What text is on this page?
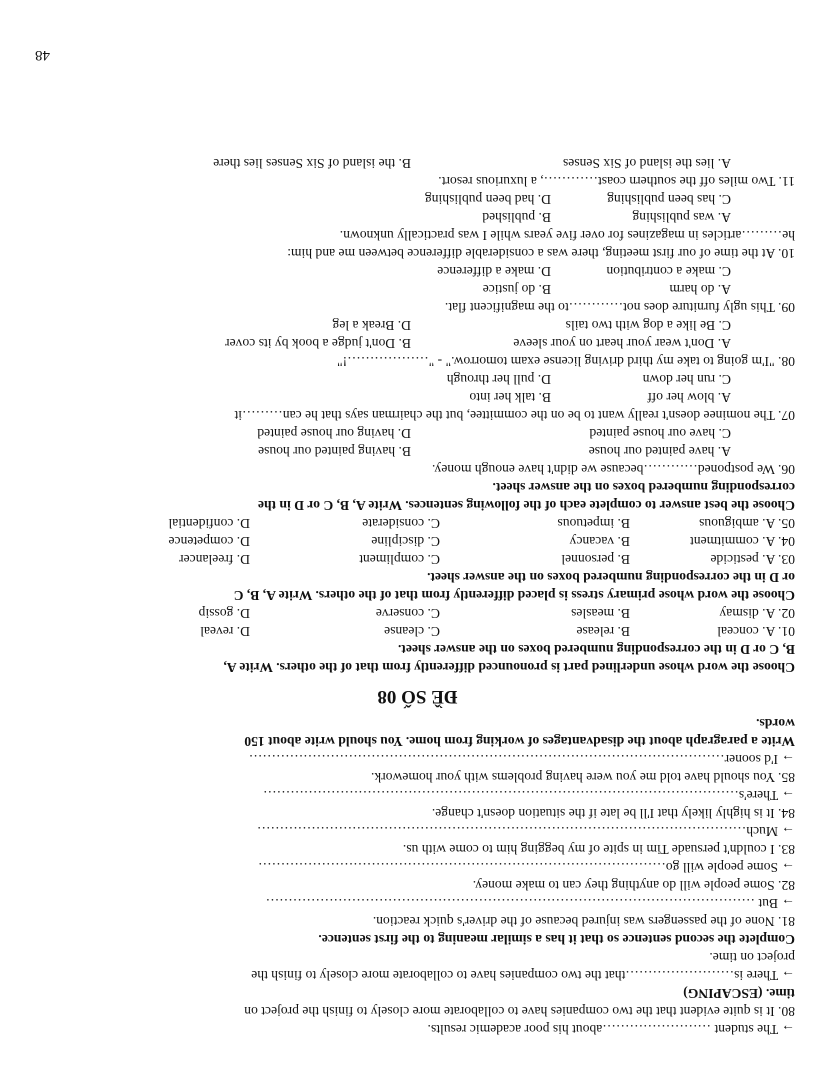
→ The student ……………………about his poor academic results.
80. It is quite evident that the two companies have to collaborate more closely to finish the project on
time. (ESCAPING)
→ There is……………………that the two companies have to collaborate more closely to finish the
project on time.
Complete the second sentence so that it has a similar meaning to the first sentence.
81. None of the passengers was injured because of the driver's quick reaction.
→ But ………………………………………………………………………………………………
82. Some people will do anything they can to make money.
→ Some people will go………………………………………………………………………………
83. I couldn't persuade Tim in spite of my begging him to come with us.
→ Much………………………………………………………………………………………………
84. It is highly likely that I'll be late if the situation doesn't change.
→ There's……………………………………………………………………………………………
85. You should have told me you were having problems with your homework.
→ I'd sooner……………………………………………………………………………………………
Write a paragraph about the disadvantages of working from home. You should write about 150
words.
ĐỀ SỐ 08
Choose the word whose underlined part is pronounced differently from that of the others. Write A,
B, C or D in the corresponding numbered boxes on the answer sheet.
01. A. conceal
B. release
C. cleanse
D. reveal
02. A. dismay
B. measles
C. conserve
D. gossip
Choose the word whose primary stress is placed differently from that of the others. Write A, B, C
or D in the corresponding numbered boxes on the answer sheet.
03. A. pesticide
B. personnel
C. compliment
D. freelancer
04. A. commitment
B. vacancy
C. discipline
D. competence
05. A. ambiguous
B. impetuous
C. considerate
D. confidential
Choose the best answer to complete each of the following sentences. Write A, B, C or D in the
corresponding numbered boxes on the answer sheet.
06. We postponed…………because we didn't have enough money.
A. have painted our house
B. having painted our house
C. have our house painted
D. having our house painted
07. The nominee doesn't really want to be on the committee, but the chairman says that he can………it
A. blow her off
B. talk her into
C. run her down
D. pull her through
08. "I'm going to take my third driving license exam tomorrow." - "………………!"
A. Don't wear your heart on your sleeve
B. Don't judge a book by its cover
C. Be like a dog with two tails
D. Break a leg
09. This ugly furniture does not…………to the magnificent flat.
A. do harm
B. do justice
C. make a contribution
D. make a difference
10. At the time of our first meeting, there was a considerable difference between me and him:
he………articles in magazines for over five years while I was practically unknown.
A. was publishing
B. published
C. has been publishing
D. had been publishing
11. Two miles off the southern coast…………, a luxurious resort.
A. lies the island of Six Senses
B. the island of Six Senses lies there
48
